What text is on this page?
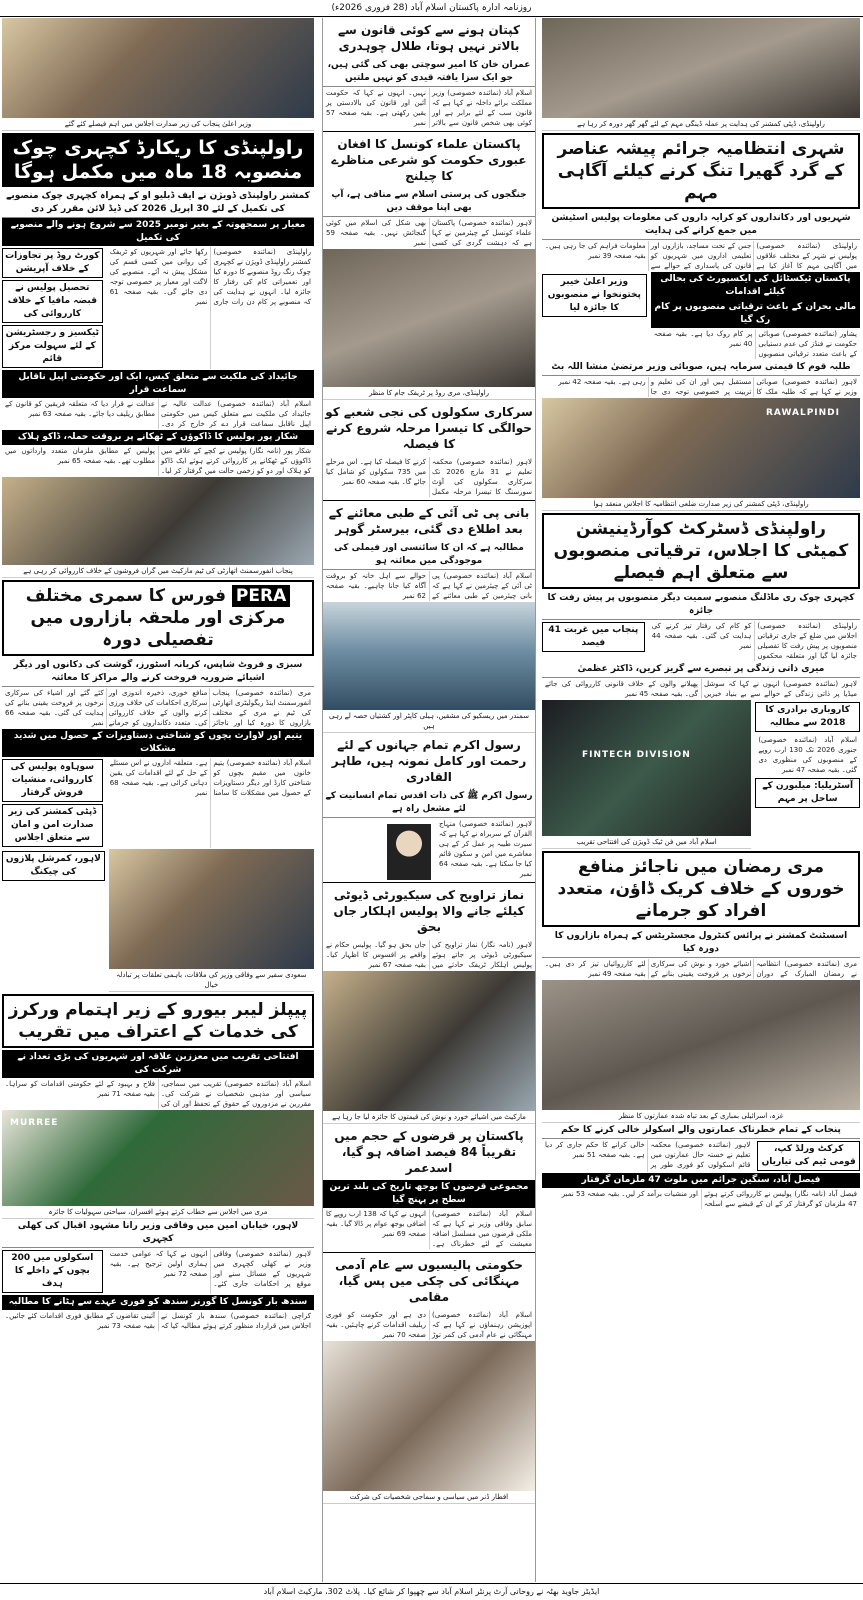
روزنامہ ادارہ پاکستان اسلام آباد (28 فروری 2026ء)
وزیر اعلیٰ پنجاب کی زیر صدارت اجلاس میں اہم فیصلے کئے گئے
راولپنڈی کا ریکارڈ کچہری چوک منصوبہ 18 ماہ میں مکمل ہوگا
کمشنر راولپنڈی ڈویژن نے ایف ڈبلیو او کے ہمراہ کچہری چوک منصوبے کی تکمیل کے لئے 30 اپریل 2026 کی ڈیڈ لائن مقرر کر دی
معیار پر سمجھوتہ کے بغیر نومبر 2025 سے شروع ہونے والے منصوبے کی تکمیل
راولپنڈی (نمائندہ خصوصی) کمشنر راولپنڈی ڈویژن نے کچہری چوک رنگ روڈ منصوبے کا دورہ کیا اور تعمیراتی کام کی رفتار کا جائزہ لیا۔ انہوں نے ہدایت کی کہ منصوبے پر کام دن رات جاری رکھا جائے اور شہریوں کو ٹریفک کی روانی میں کسی قسم کی مشکل پیش نہ آئے۔ منصوبے کی لاگت اور معیار پر خصوصی توجہ دی جائے گی۔ بقیہ صفحہ 61 نمبر
کورٹ روڈ پر تجاوزات کے خلاف آپریشن
تحصیل پولیس نے قبضہ مافیا کے خلاف کارروائی کی
ٹیکسیز و رجسٹریشن کے لئے سہولت مرکز قائم
جائیداد کی ملکیت سے متعلق کیس، ایک اور حکومتی اپیل ناقابل سماعت قرار
اسلام آباد (نمائندہ خصوصی) عدالت عالیہ نے جائیداد کی ملکیت سے متعلق کیس میں حکومتی اپیل ناقابل سماعت قرار دے کر خارج کر دی۔ عدالت نے قرار دیا کہ متعلقہ فریقین کو قانون کے مطابق ریلیف دیا جائے۔ بقیہ صفحہ 63 نمبر
شکار پور پولیس کا ڈاکوؤں کے ٹھکانے پر بروقت حملہ، ڈاکو ہلاک
شکار پور (نامہ نگار) پولیس نے کچے کے علاقے میں ڈاکوؤں کے ٹھکانے پر کارروائی کرتے ہوئے ایک ڈاکو کو ہلاک اور دو کو زخمی حالت میں گرفتار کر لیا۔ پولیس کے مطابق ملزمان متعدد وارداتوں میں مطلوب تھے۔ بقیہ صفحہ 65 نمبر
پنجاب انفورسمنٹ اتھارٹی کی ٹیم مارکیٹ میں گراں فروشوں کے خلاف کارروائی کر رہی ہے
PERA فورس کا سمری مختلف مرکزی اور ملحقہ بازاروں میں تفصیلی دورہ
سبزی و فروٹ شاپس، کریانہ اسٹورز، گوشت کی دکانوں اور دیگر اشیائے ضروریہ فروخت کرنے والے مراکز کا معائنہ
مری (نمائندہ خصوصی) پنجاب انفورسمنٹ اینڈ ریگولیٹری اتھارٹی کی ٹیم نے مری کے مختلف بازاروں کا دورہ کیا اور ناجائز منافع خوری، ذخیرہ اندوزی اور سرکاری احکامات کی خلاف ورزی کرنے والوں کے خلاف کارروائی کی۔ متعدد دکانداروں کو جرمانے کئے گئے اور اشیاء کی سرکاری نرخوں پر فروخت یقینی بنانے کی ہدایت کی گئی۔ بقیہ صفحہ 66 نمبر
یتیم اور لاوارث بچوں کو شناختی دستاویزات کے حصول میں شدید مشکلات
اسلام آباد (نمائندہ خصوصی) یتیم خانوں میں مقیم بچوں کو شناختی کارڈ اور دیگر دستاویزات کے حصول میں مشکلات کا سامنا ہے۔ متعلقہ اداروں نے اس مسئلے کے حل کے لئے اقدامات کی یقین دہانی کرائی ہے۔ بقیہ صفحہ 68 نمبر
سوہاوہ پولیس کی کارروائی، منشیات فروش گرفتار
ڈپٹی کمشنر کی زیر صدارت امن و امان سے متعلق اجلاس
سعودی سفیر سے وفاقی وزیر کی ملاقات، باہمی تعلقات پر تبادلہ خیال
لاہور، کمرشل پلازوں کی چیکنگ
پیپلز لیبر بیورو کے زیر اہتمام ورکرز کی خدمات کے اعتراف میں تقریب
افتتاحی تقریب میں معززین علاقہ اور شہریوں کی بڑی تعداد نے شرکت کی
اسلام آباد (نمائندہ خصوصی) تقریب میں سماجی، سیاسی اور مذہبی شخصیات نے شرکت کی۔ مقررین نے مزدوروں کے حقوق کے تحفظ اور ان کی فلاح و بہبود کے لئے حکومتی اقدامات کو سراہا۔ بقیہ صفحہ 71 نمبر
MURREE
مری میں اجلاس سے خطاب کرتے ہوئے افسران، سیاحتی سہولیات کا جائزہ
لاہور، خیابان امین میں وفاقی وزیر رانا مشہود اقبال کی کھلی کچہری
لاہور (نمائندہ خصوصی) وفاقی وزیر نے کھلی کچہری میں شہریوں کے مسائل سنے اور موقع پر احکامات جاری کئے۔ انہوں نے کہا کہ عوامی خدمت ہماری اولین ترجیح ہے۔ بقیہ صفحہ 72 نمبر
اسکولوں میں 200 بچوں کے داخلے کا ہدف
سندھ بار کونسل کا گورنر سندھ کو فوری عہدے سے ہٹانے کا مطالبہ
کراچی (نمائندہ خصوصی) سندھ بار کونسل نے اجلاس میں قرارداد منظور کرتے ہوئے مطالبہ کیا کہ آئینی تقاضوں کے مطابق فوری اقدامات کئے جائیں۔ بقیہ صفحہ 73 نمبر
کپتان ہونے سے کوئی قانون سے بالاتر نہیں ہوتا، طلال چوہدری
عمران خان کا امیر سوچتی بھی کی گئی ہیں، جو ایک سزا یافتہ قیدی کو نہیں ملتیں
اسلام آباد (نمائندہ خصوصی) وزیر مملکت برائے داخلہ نے کہا ہے کہ قانون سب کے لئے برابر ہے اور کوئی بھی شخص قانون سے بالاتر نہیں۔ انہوں نے کہا کہ حکومت آئین اور قانون کی بالادستی پر یقین رکھتی ہے۔ بقیہ صفحہ 57 نمبر
پاکستان علماء کونسل کا افغان عبوری حکومت کو شرعی مناظرے کا چیلنج
جنگجوں کی پرستی اسلام سے منافی ہے، آپ بھی اپنا موقف دیں
لاہور (نمائندہ خصوصی) پاکستان علماء کونسل کے چیئرمین نے کہا ہے کہ دہشت گردی کی کسی بھی شکل کی اسلام میں کوئی گنجائش نہیں۔ بقیہ صفحہ 59 نمبر
راولپنڈی، مری روڈ پر ٹریفک جام کا منظر
سرکاری سکولوں کی نجی شعبے کو حوالگی کا تیسرا مرحلہ شروع کرنے کا فیصلہ
لاہور (نمائندہ خصوصی) محکمہ تعلیم نے 31 مارچ 2026 تک سرکاری سکولوں کی آؤٹ سورسنگ کا تیسرا مرحلہ مکمل کرنے کا فیصلہ کیا ہے۔ اس مرحلے میں 735 سکولوں کو شامل کیا جائے گا۔ بقیہ صفحہ 60 نمبر
بانی پی ٹی آئی کے طبی معائنے کے بعد اطلاع دی گئی، بیرسٹر گوہر
مطالبہ ہے کہ ان کا سائنسی اور فیملی کی موجودگی میں معائنہ ہو
اسلام آباد (نمائندہ خصوصی) پی ٹی آئی کے چیئرمین نے کہا ہے کہ بانی چیئرمین کے طبی معائنے کے حوالے سے اہل خانہ کو بروقت آگاہ کیا جانا چاہیے۔ بقیہ صفحہ 62 نمبر
سمندر میں ریسکیو کی مشقیں، ہیلی کاپٹر اور کشتیاں حصہ لے رہی ہیں
رسول اکرم تمام جہانوں کے لئے رحمت اور کامل نمونہ ہیں، طاہر القادری
رسول اکرم ﷺ کی ذات اقدس تمام انسانیت کے لئے مشعل راہ ہے
لاہور (نمائندہ خصوصی) منہاج القرآن کے سربراہ نے کہا ہے کہ سیرت طیبہ پر عمل کر کے ہی معاشرے میں امن و سکون قائم کیا جا سکتا ہے۔ بقیہ صفحہ 64 نمبر
نماز تراویح کی سیکیورٹی ڈیوٹی کیلئے جانے والا پولیس اہلکار جاں بحق
لاہور (نامہ نگار) نماز تراویح کی سیکیورٹی ڈیوٹی پر جاتے ہوئے پولیس اہلکار ٹریفک حادثے میں جاں بحق ہو گیا۔ پولیس حکام نے واقعے پر افسوس کا اظہار کیا۔ بقیہ صفحہ 67 نمبر
مارکیٹ میں اشیائے خورد و نوش کی قیمتوں کا جائزہ لیا جا رہا ہے
پاکستان پر قرضوں کے حجم میں تقریباً 84 فیصد اضافہ ہو گیا، اسدعمر
مجموعی قرضوں کا بوجھ تاریخ کی بلند ترین سطح پر پہنچ گیا
اسلام آباد (نمائندہ خصوصی) سابق وفاقی وزیر نے کہا ہے کہ ملکی قرضوں میں مسلسل اضافہ معیشت کے لئے خطرناک ہے۔ انہوں نے کہا کہ 138 ارب روپے کا اضافی بوجھ عوام پر ڈالا گیا۔ بقیہ صفحہ 69 نمبر
حکومتی پالیسیوں سے عام آدمی مہنگائی کی چکی میں پس گیا، مقامی
اسلام آباد (نمائندہ خصوصی) اپوزیشن رہنماؤں نے کہا ہے کہ مہنگائی نے عام آدمی کی کمر توڑ دی ہے اور حکومت کو فوری ریلیف اقدامات کرنے چاہئیں۔ بقیہ صفحہ 70 نمبر
افطار ڈنر میں سیاسی و سماجی شخصیات کی شرکت
راولپنڈی، ڈپٹی کمشنر کی ہدایت پر عملہ ڈینگی مہم کے لئے گھر گھر دورہ کر رہا ہے
شہری انتظامیہ جرائم پیشہ عناصر کے گرد گھیرا تنگ کرنے کیلئے آگاہی مہم
شہریوں اور دکانداروں کو کرایہ داروں کی معلومات پولیس اسٹیشن میں جمع کرانے کی ہدایت
راولپنڈی (نمائندہ خصوصی) پولیس نے شہر کے مختلف علاقوں میں آگاہی مہم کا آغاز کیا ہے جس کے تحت مساجد، بازاروں اور تعلیمی اداروں میں شہریوں کو قانون کی پاسداری کے حوالے سے معلومات فراہم کی جا رہی ہیں۔ بقیہ صفحہ 39 نمبر
پاکستان ٹیکسٹائل کی ایکسپورٹ کی بحالی کیلئے اقدامات
مالی بحران کے باعث ترقیاتی منصوبوں پر کام رک گیا
پشاور (نمائندہ خصوصی) صوبائی حکومت نے فنڈز کی عدم دستیابی کے باعث متعدد ترقیاتی منصوبوں پر کام روک دیا ہے۔ بقیہ صفحہ 40 نمبر
وزیر اعلیٰ خیبر پختونخوا نے منصوبوں کا جائزہ لیا
طلبہ قوم کا قیمتی سرمایہ ہیں، صوبائی وزیر مرتضیٰ منشا اللہ بٹ
لاہور (نمائندہ خصوصی) صوبائی وزیر نے کہا ہے کہ طلبہ ملک کا مستقبل ہیں اور ان کی تعلیم و تربیت پر خصوصی توجہ دی جا رہی ہے۔ بقیہ صفحہ 42 نمبر
RAWALPINDI
راولپنڈی، ڈپٹی کمشنر کی زیر صدارت ضلعی انتظامیہ کا اجلاس منعقد ہوا
راولپنڈی ڈسٹرکٹ کوآرڈینیشن کمیٹی کا اجلاس، ترقیاتی منصوبوں سے متعلق اہم فیصلے
کچہری چوک ری ماڈلنگ منصوبے سمیت دیگر منصوبوں پر پیش رفت کا جائزہ
راولپنڈی (نمائندہ خصوصی) اجلاس میں ضلع کے جاری ترقیاتی منصوبوں پر پیش رفت کا تفصیلی جائزہ لیا گیا اور متعلقہ محکموں کو کام کی رفتار تیز کرنے کی ہدایت کی گئی۔ بقیہ صفحہ 44 نمبر
پنجاب میں غربت 41 فیصد
میری ذاتی زندگی پر تبصرے سے گریز کریں، ڈاکٹر عظمیٰ
لاہور (نمائندہ خصوصی) انہوں نے کہا کہ سوشل میڈیا پر ذاتی زندگی کے حوالے سے بے بنیاد خبریں پھیلانے والوں کے خلاف قانونی کارروائی کی جائے گی۔ بقیہ صفحہ 45 نمبر
کاروباری برادری کا 2018 سے مطالبہ
اسلام آباد (نمائندہ خصوصی) جنوری 2026 تک 130 ارب روپے کے منصوبوں کی منظوری دی گئی۔ بقیہ صفحہ 47 نمبر
آسٹریلیا: میلبورن کے ساحل پر مہم
FINTECH DIVISION
اسلام آباد میں فن ٹیک ڈویژن کی افتتاحی تقریب
مری رمضان میں ناجائز منافع خوروں کے خلاف کریک ڈاؤن، متعدد افراد کو جرمانے
اسسٹنٹ کمشنر نے پرائس کنٹرول مجسٹریٹس کے ہمراہ بازاروں کا دورہ کیا
مری (نمائندہ خصوصی) انتظامیہ نے رمضان المبارک کے دوران اشیائے خورد و نوش کی سرکاری نرخوں پر فروخت یقینی بنانے کے لئے کارروائیاں تیز کر دی ہیں۔ بقیہ صفحہ 49 نمبر
غزہ، اسرائیلی بمباری کے بعد تباہ شدہ عمارتوں کا منظر
پنجاب کے تمام خطرناک عمارتوں والے اسکولز خالی کرنے کا حکم
کرکٹ ورلڈ کپ، قومی ٹیم کی تیاریاں
لاہور (نمائندہ خصوصی) محکمہ تعلیم نے خستہ حال عمارتوں میں قائم اسکولوں کو فوری طور پر خالی کرانے کا حکم جاری کر دیا ہے۔ بقیہ صفحہ 51 نمبر
فیصل آباد، سنگین جرائم میں ملوث 47 ملزمان گرفتار
فیصل آباد (نامہ نگار) پولیس نے کارروائی کرتے ہوئے 47 ملزمان کو گرفتار کر کے ان کے قبضے سے اسلحہ اور منشیات برآمد کر لیں۔ بقیہ صفحہ 53 نمبر
ایڈیٹر جاوید بھٹہ نے روحانی آرٹ پرنٹر اسلام آباد سے چھپوا کر شائع کیا۔ پلاٹ 302، مارکیٹ اسلام آباد
